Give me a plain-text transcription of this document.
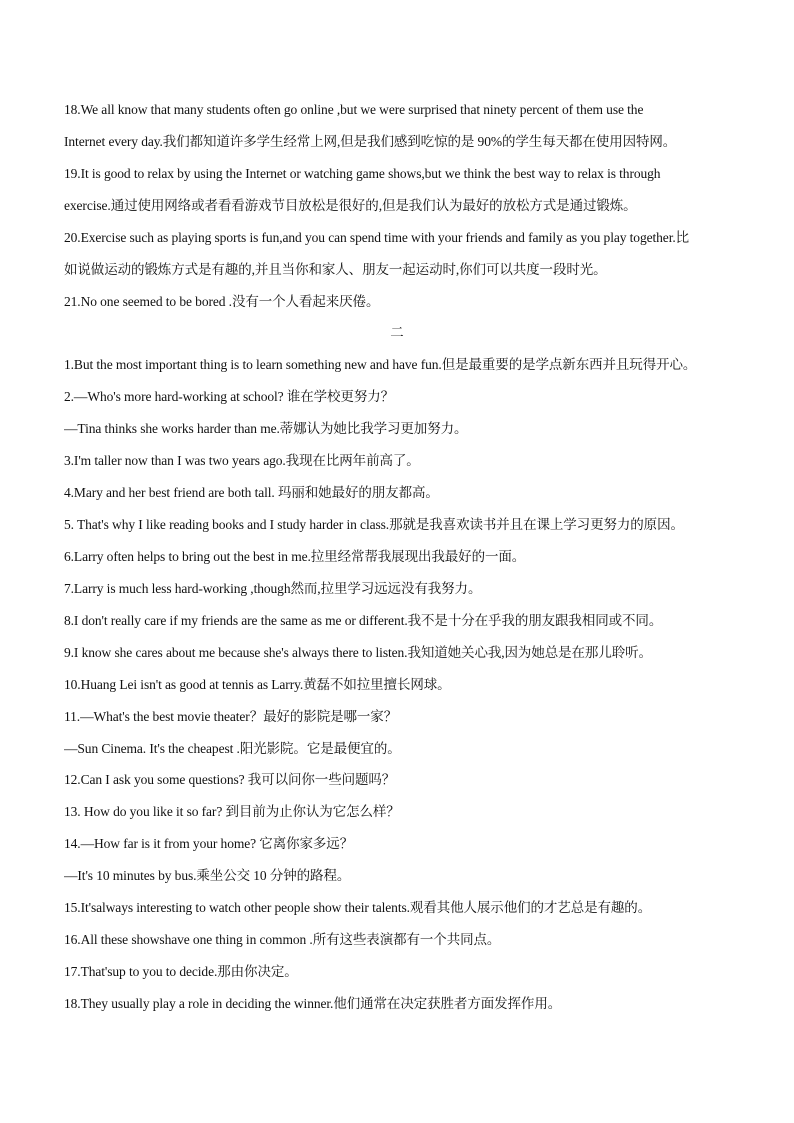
18.We all know that many students often go online ,but we were surprised that ninety percent of them use the
Internet every day.我们都知道许多学生经常上网,但是我们感到吃惊的是 90%的学生每天都在使用因特网。
19.It is good to relax by using the Internet or watching game shows,but we think the best way to relax is through
exercise.通过使用网络或者看看游戏节目放松是很好的,但是我们认为最好的放松方式是通过锻炼。
20.Exercise such as playing sports is fun,and you can spend time with your friends and family as you play together.比
如说做运动的锻炼方式是有趣的,并且当你和家人、朋友一起运动时,你们可以共度一段时光。
21.No one seemed to be bored .没有一个人看起来厌倦。
二
1.But the most important thing is to learn something new and have fun.但是最重要的是学点新东西并且玩得开心。
2.—Who's more hard-working at school? 谁在学校更努力？
—Tina thinks she works harder than me.蒂娜认为她比我学习更加努力。
3.I'm taller now than I was two years ago.我现在比两年前高了。
4.Mary and her best friend are both tall. 玛丽和她最好的朋友都高。
5. That's why I like reading books and I study harder in class.那就是我喜欢读书并且在课上学习更努力的原因。
6.Larry often helps to bring out the best in me.拉里经常帮我展现出我最好的一面。
7.Larry is much less hard-working ,though然而,拉里学习远远没有我努力。
8.I don't really care if my friends are the same as me or different.我不是十分在乎我的朋友跟我相同或不同。
9.I know she cares about me because she's always there to listen.我知道她关心我,因为她总是在那儿聆听。
10.Huang Lei isn't as good at tennis as Larry.黄磊不如拉里擅长网球。
11.—What's the best movie theater？最好的影院是哪一家？
—Sun Cinema. It's the cheapest .阳光影院。它是最便宜的。
12.Can I ask you some questions? 我可以问你一些问题吗？
13. How do you like it so far? 到目前为止你认为它怎么样？
14.—How far is it from your home? 它离你家多远？
—It's 10 minutes by bus.乘坐公交 10 分钟的路程。
15.It'salways interesting to watch other people show their talents.观看其他人展示他们的才艺总是有趣的。
16.All these showshave one thing in common .所有这些表演都有一个共同点。
17.That'sup to you to decide.那由你决定。
18.They usually play a role in deciding the winner.他们通常在决定获胜者方面发挥作用。
